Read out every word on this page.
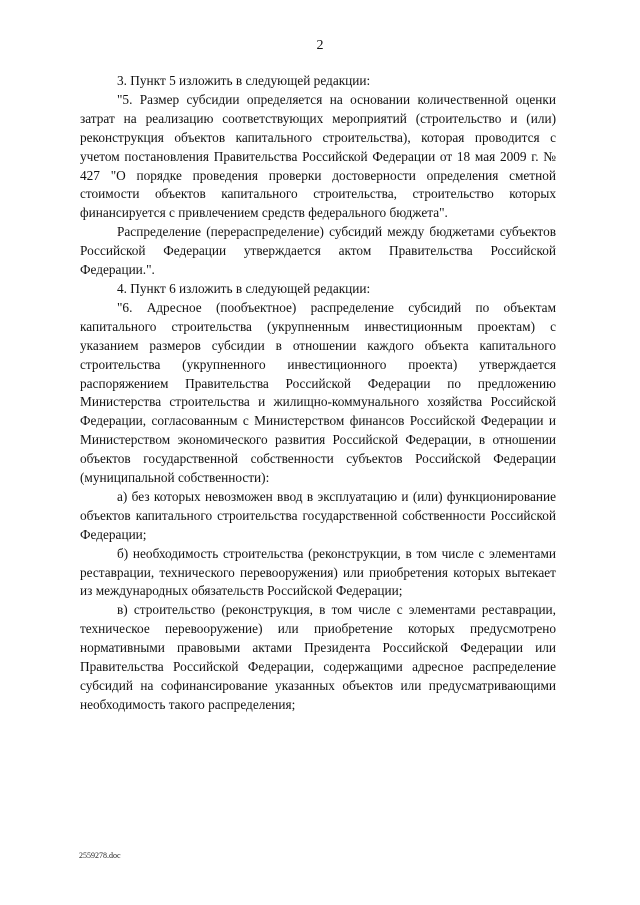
2

3. Пункт 5 изложить в следующей редакции:

"5. Размер субсидии определяется на основании количественной оценки затрат на реализацию соответствующих мероприятий (строительство и (или) реконструкция объектов капитального строительства), которая проводится с учетом постановления Правительства Российской Федерации от 18 мая 2009 г. № 427 "О порядке проведения проверки достоверности определения сметной стоимости объектов капитального строительства, строительство которых финансируется с привлечением средств федерального бюджета".

Распределение (перераспределение) субсидий между бюджетами субъектов Российской Федерации утверждается актом Правительства Российской Федерации.".

4. Пункт 6 изложить в следующей редакции:

"6. Адресное (пообъектное) распределение субсидий по объектам капитального строительства (укрупненным инвестиционным проектам) с указанием размеров субсидии в отношении каждого объекта капитального строительства (укрупненного инвестиционного проекта) утверждается распоряжением Правительства Российской Федерации по предложению Министерства строительства и жилищно-коммунального хозяйства Российской Федерации, согласованным с Министерством финансов Российской Федерации и Министерством экономического развития Российской Федерации, в отношении объектов государственной собственности субъектов Российской Федерации (муниципальной собственности):

а) без которых невозможен ввод в эксплуатацию и (или) функционирование объектов капитального строительства государственной собственности Российской Федерации;

б) необходимость строительства (реконструкции, в том числе с элементами реставрации, технического перевооружения) или приобретения которых вытекает из международных обязательств Российской Федерации;

в) строительство (реконструкция, в том числе с элементами реставрации, техническое перевооружение) или приобретение которых предусмотрено нормативными правовыми актами Президента Российской Федерации или Правительства Российской Федерации, содержащими адресное распределение субсидий на софинансирование указанных объектов или предусматривающими необходимость такого распределения;

2559278.doc
